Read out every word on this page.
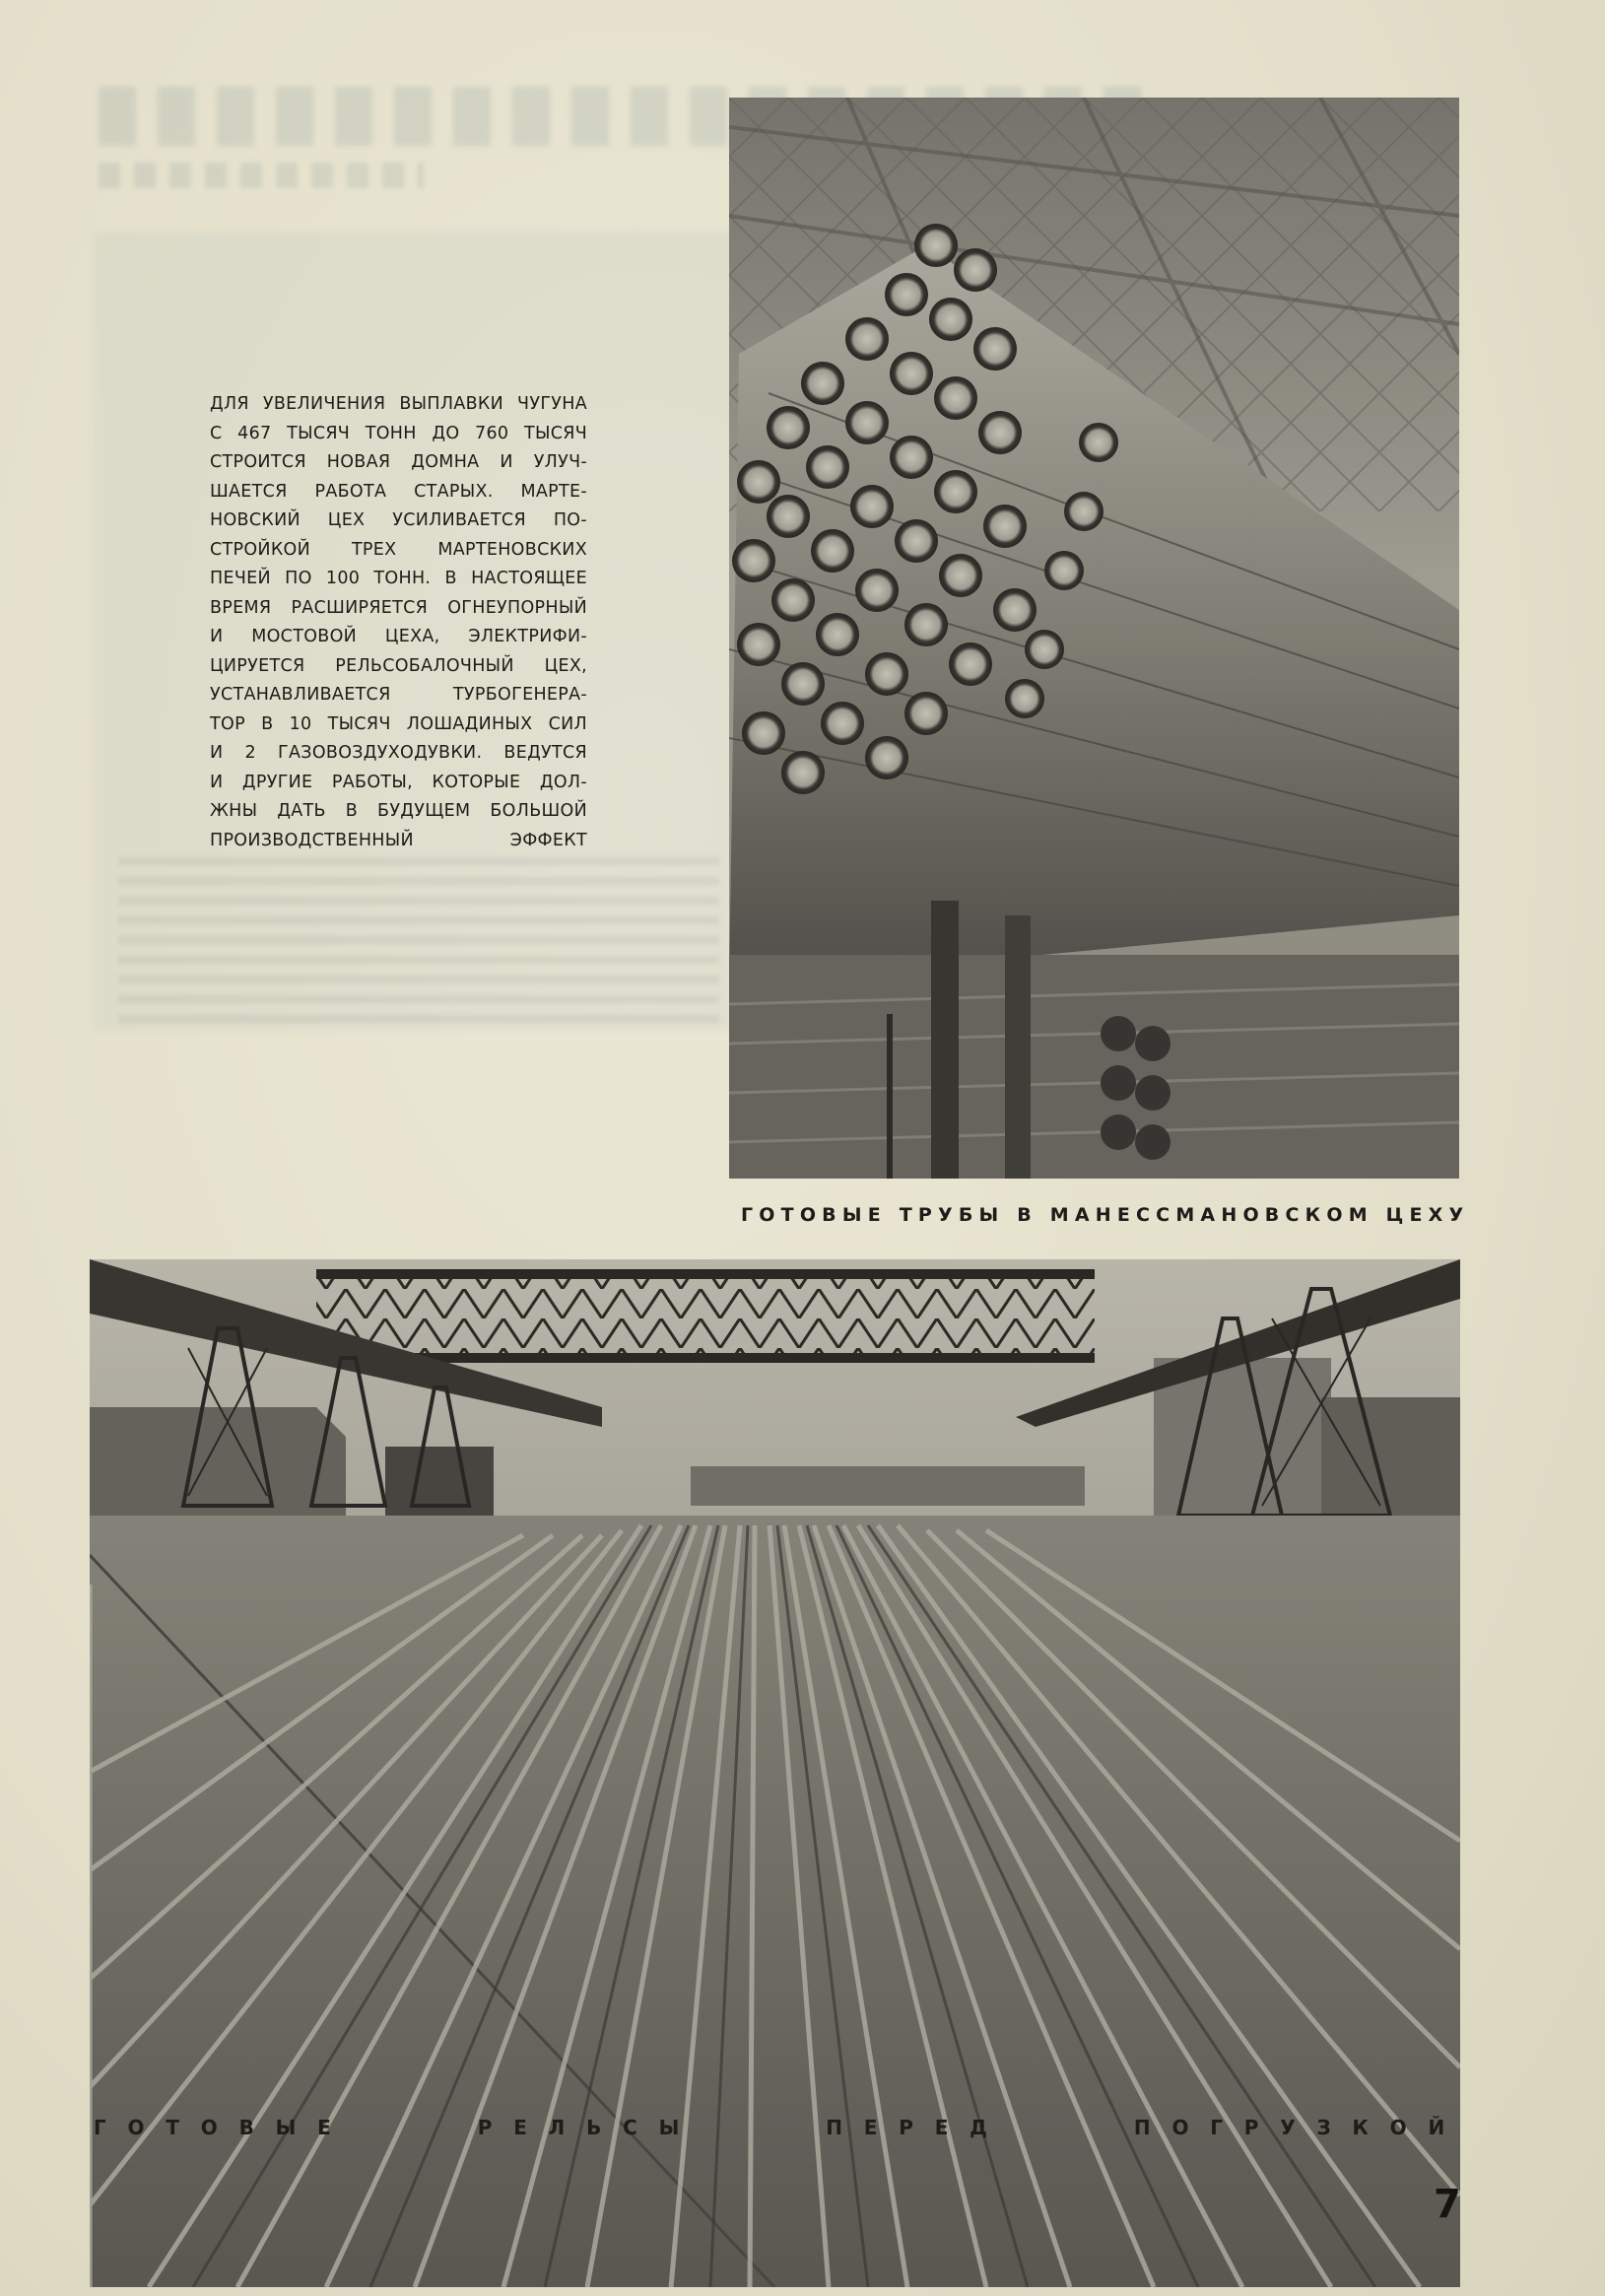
ДЛЯ УВЕЛИЧЕНИЯ ВЫПЛАВКИ ЧУГУНА
С 467 ТЫСЯЧ ТОНН ДО 760 ТЫСЯЧ
СТРОИТСЯ НОВАЯ ДОМНА И УЛУЧ-
ШАЕТСЯ РАБОТА СТАРЫХ. МАРТЕ-
НОВСКИЙ ЦЕХ УСИЛИВАЕТСЯ ПО-
СТРОЙКОЙ ТРЕХ МАРТЕНОВСКИХ
ПЕЧЕЙ ПО 100 ТОНН. В НАСТОЯЩЕЕ
ВРЕМЯ РАСШИРЯЕТСЯ ОГНЕУПОРНЫЙ
И МОСТОВОЙ ЦЕХА, ЭЛЕКТРИФИ-
ЦИРУЕТСЯ РЕЛЬСОБАЛОЧНЫЙ ЦЕХ,
УСТАНАВЛИВАЕТСЯ ТУРБОГЕНЕРА-
ТОР В 10 ТЫСЯЧ ЛОШАДИНЫХ СИЛ
И 2 ГАЗОВОЗДУХОДУВКИ. ВЕДУТСЯ
И ДРУГИЕ РАБОТЫ, КОТОРЫЕ ДОЛ-
ЖНЫ ДАТЬ В БУДУЩЕМ БОЛЬШОЙ
ПРОИЗВОДСТВЕННЫЙ ЭФФЕКТ

ГОТОВЫЕ ТРУБЫ В МАНЕССМАНОВСКОМ ЦЕХУ

ГОТОВЫЕ РЕЛЬСЫ ПЕРЕД ПОГРУЗКОЙ

7
